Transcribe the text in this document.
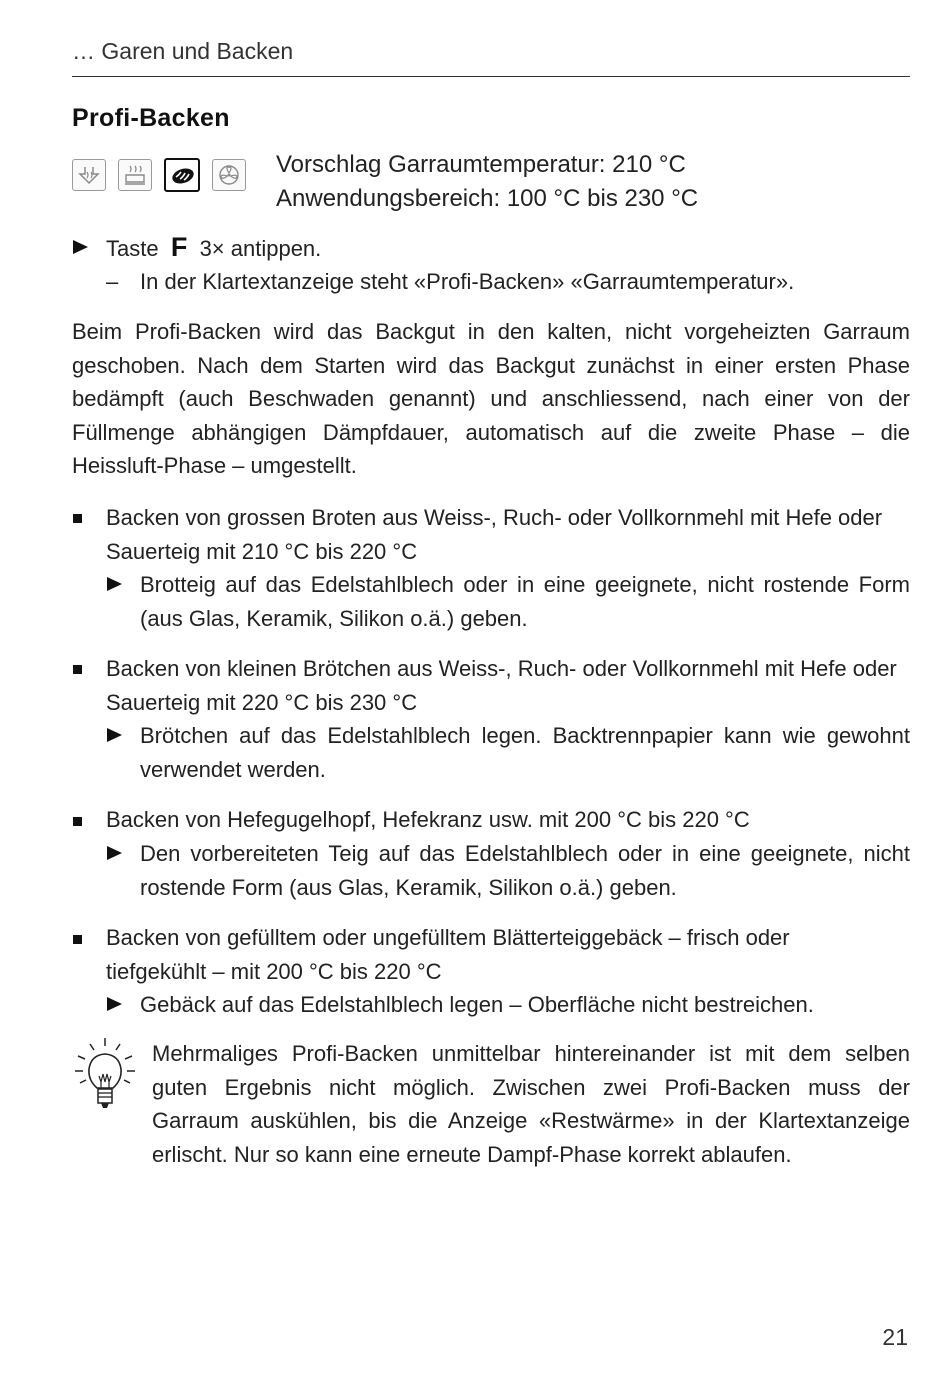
… Garen und Backen
Profi-Backen
Vorschlag Garraumtemperatur: 210 °C
Anwendungsbereich: 100 °C bis 230 °C
Taste F 3× antippen.
– In der Klartextanzeige steht «Profi-Backen» «Garraumtemperatur».
Beim Profi-Backen wird das Backgut in den kalten, nicht vorgeheizten Garraum geschoben. Nach dem Starten wird das Backgut zunächst in einer ersten Phase bedämpft (auch Beschwaden genannt) und anschliessend, nach einer von der Füllmenge abhängigen Dämpfdauer, automatisch auf die zweite Phase – die Heissluft-Phase – umgestellt.
Backen von grossen Broten aus Weiss-, Ruch- oder Vollkornmehl mit Hefe oder Sauerteig mit 210 °C bis 220 °C
Brotteig auf das Edelstahlblech oder in eine geeignete, nicht rostende Form (aus Glas, Keramik, Silikon o.ä.) geben.
Backen von kleinen Brötchen aus Weiss-, Ruch- oder Vollkornmehl mit Hefe oder Sauerteig mit 220 °C bis 230 °C
Brötchen auf das Edelstahlblech legen. Backtrennpapier kann wie gewohnt verwendet werden.
Backen von Hefegugelhopf, Hefekranz usw. mit 200 °C bis 220 °C
Den vorbereiteten Teig auf das Edelstahlblech oder in eine geeignete, nicht rostende Form (aus Glas, Keramik, Silikon o.ä.) geben.
Backen von gefülltem oder ungefülltem Blätterteiggebäck – frisch oder
tiefgekühlt – mit 200 °C bis 220 °C
Gebäck auf das Edelstahlblech legen – Oberfläche nicht bestreichen.
Mehrmaliges Profi-Backen unmittelbar hintereinander ist mit dem selben guten Ergebnis nicht möglich. Zwischen zwei Profi-Backen muss der Garraum auskühlen, bis die Anzeige «Restwärme» in der Klartextanzeige erlischt. Nur so kann eine erneute Dampf-Phase korrekt ablaufen.
21
